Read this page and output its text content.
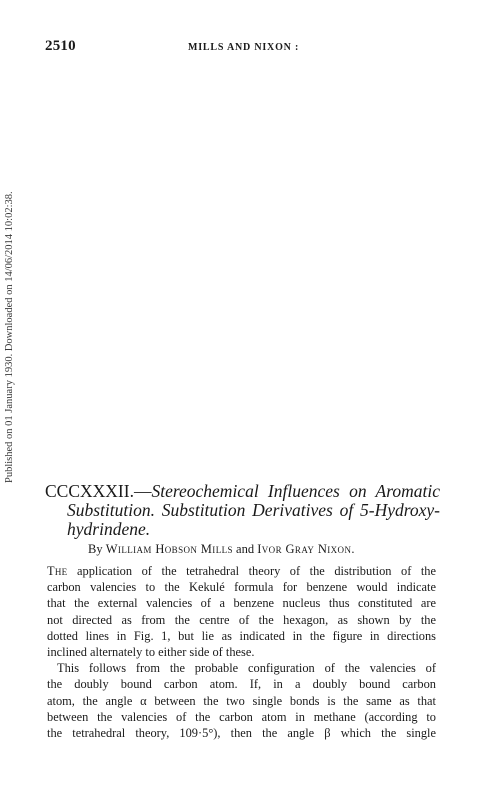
2510	MILLS AND NIXON :
Published on 01 January 1930. Downloaded on 14/06/2014 10:02:38.
CCCXXXII.—Stereochemical Influences on Aromatic
Substitution. Substitution Derivatives of 5-Hydroxy-
hydrindene.
By William Hobson Mills and Ivor Gray Nixon.
The application of the tetrahedral theory of the distribution of the
carbon valencies to the Kekulé formula for benzene would indicate
that the external valencies of a benzene nucleus thus constituted are
not directed as from the centre of the hexagon, as shown by the
dotted lines in Fig. 1, but lie as indicated in the figure in directions
inclined alternately to either side of these.
This follows from the probable configuration of the valencies of
the doubly bound carbon atom. If, in a doubly bound carbon
atom, the angle α between the two single bonds is the same as that
between the valencies of the carbon atom in methane (according to
the tetrahedral theory, 109·5°), then the angle β which the single
